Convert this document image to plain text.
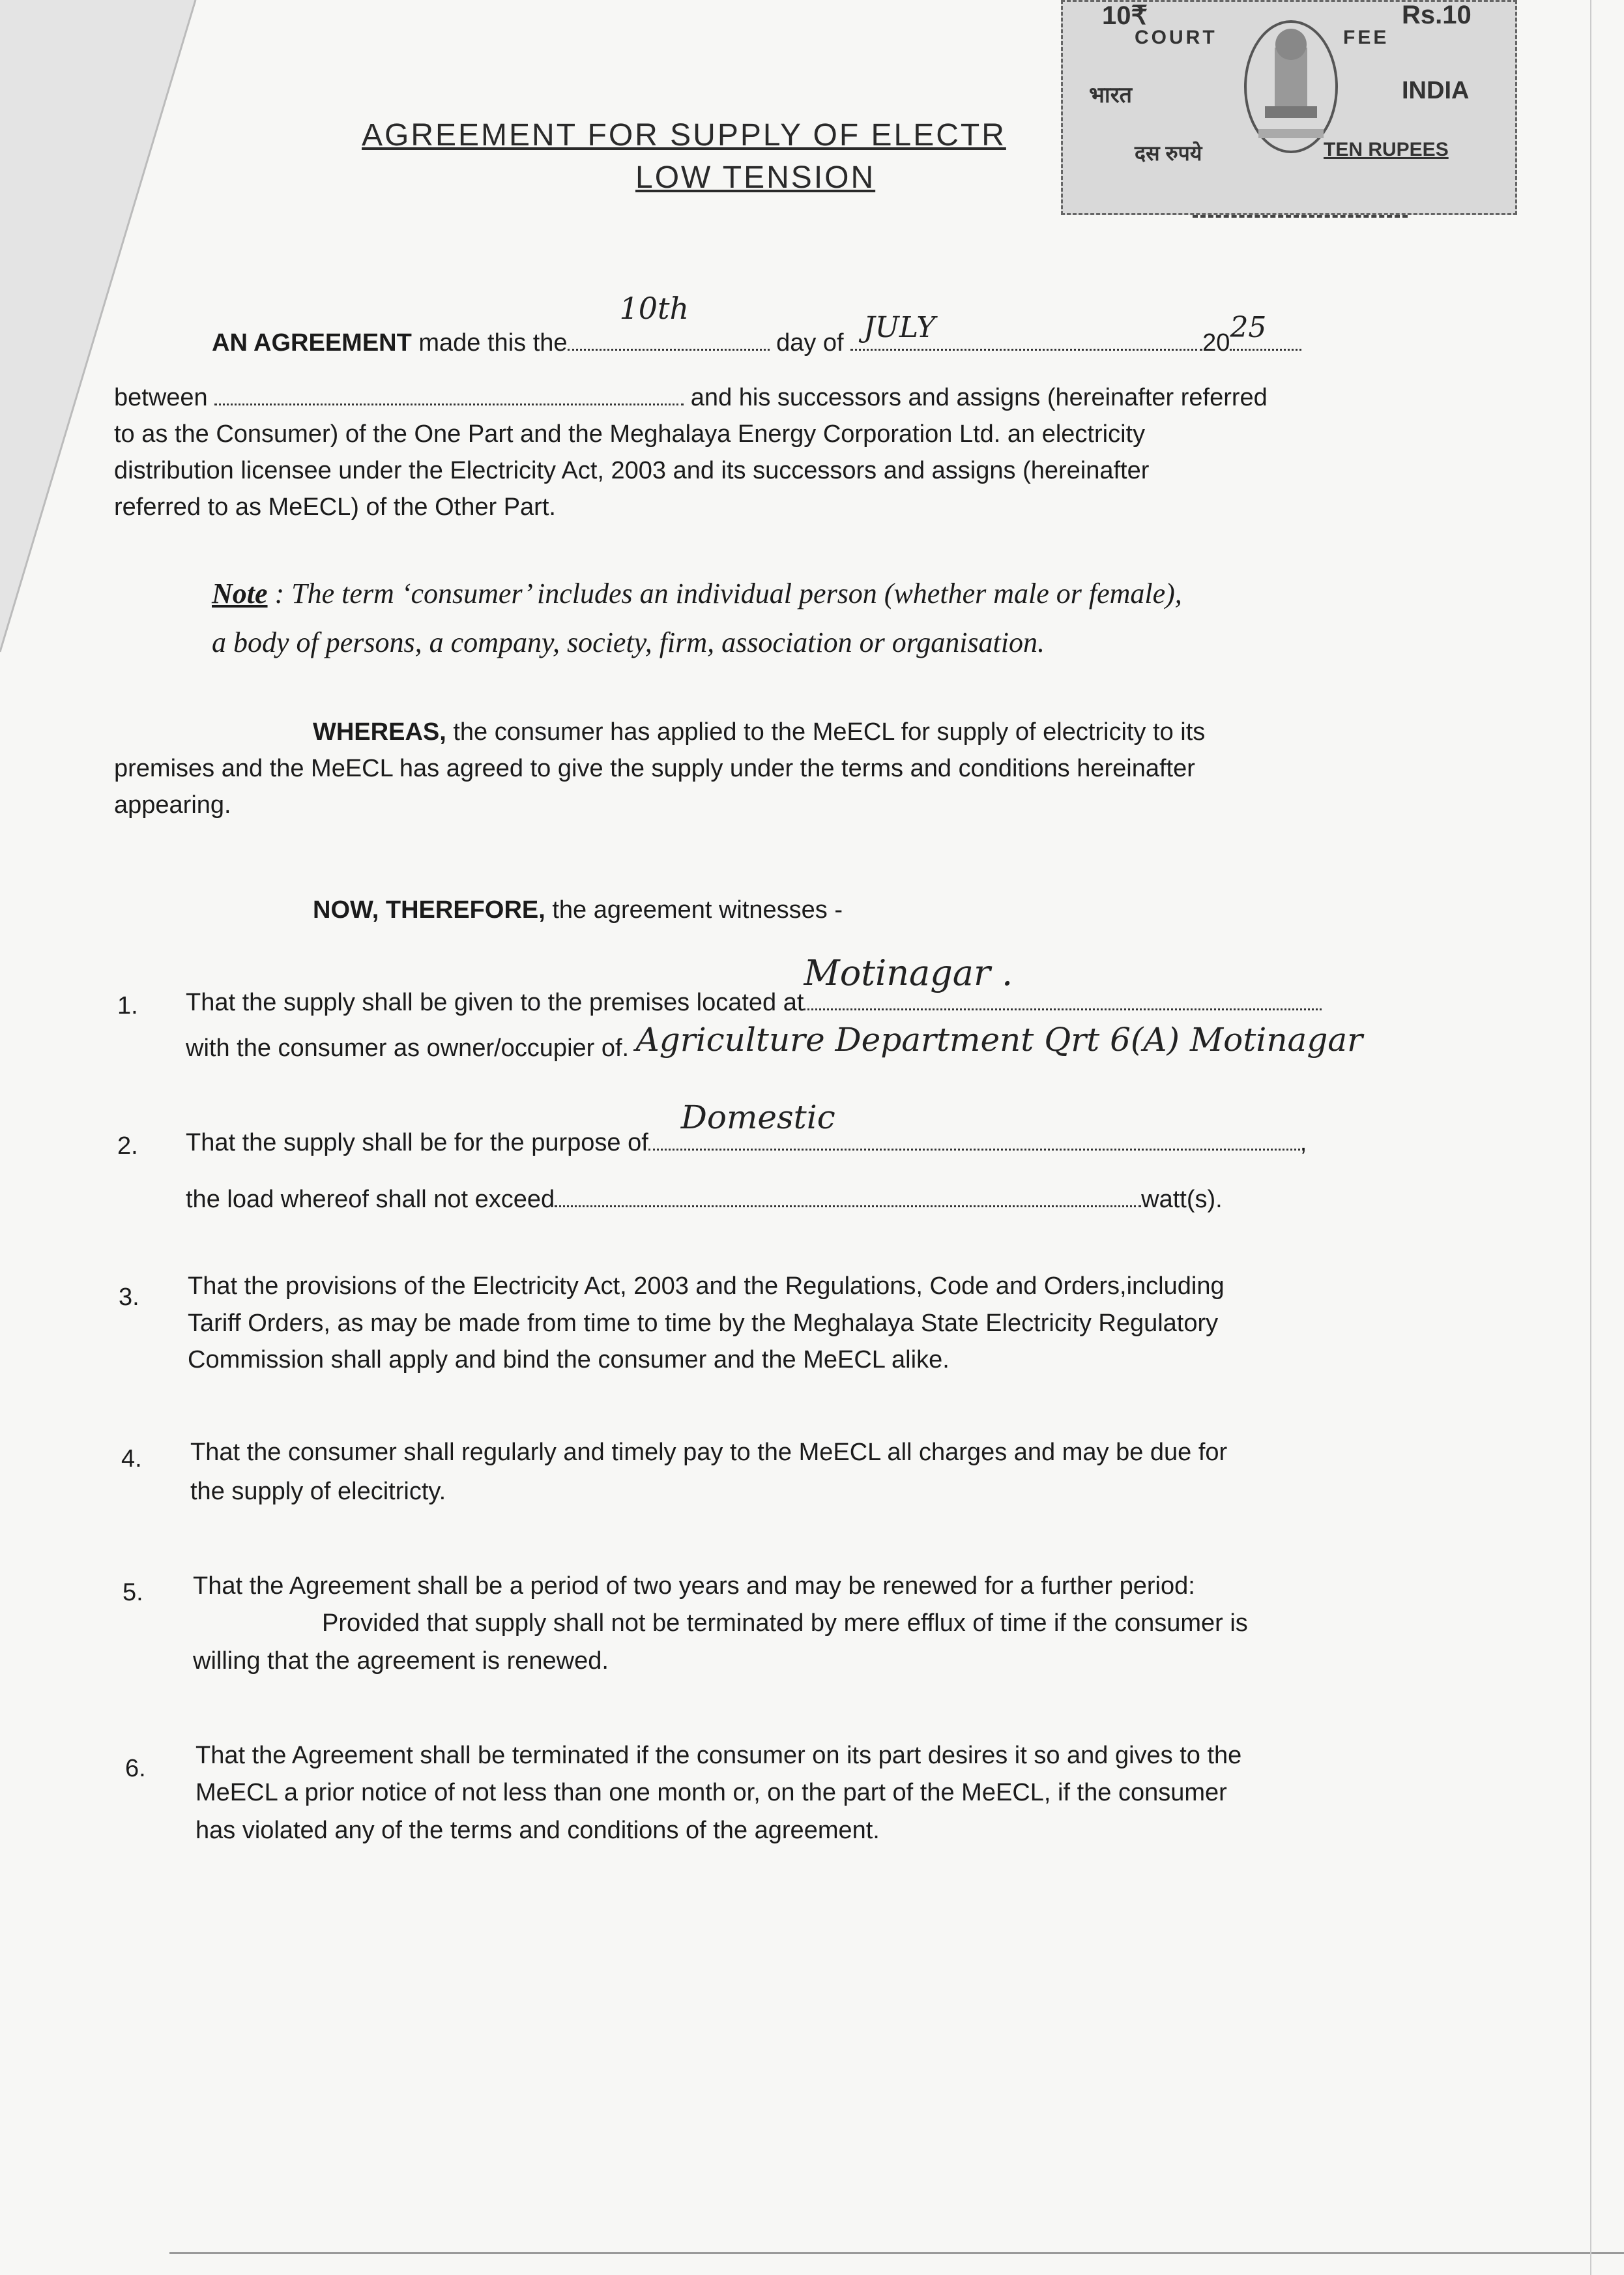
10₹	Rs.10
COURT	FEE
भारत	INDIA
दस रुपये	TEN RUPEES
AGREEMENT FOR SUPPLY OF ELECTR
LOW TENSION
AN AGREEMENT made this the
10th
day of JULY	20 25
between	and his successors and assigns (hereinafter referred
to as the Consumer) of the One Part and the Meghalaya Energy Corporation Ltd. an electricity
distribution licensee under the Electricity Act, 2003 and its successors and assigns (hereinafter
referred to as MeECL) of the Other Part.
Note : The term ‘consumer’ includes an individual person (whether male or female),
a body of persons, a company, society, firm, association or organisation.
WHEREAS, the consumer has applied to the MeECL for supply of electricity to its
premises and the MeECL has agreed to give the supply under the terms and conditions hereinafter
appearing.
NOW, THEREFORE, the agreement witnesses -
1.	That the supply shall be given to the premises located at
Motinagar .
with the consumer as owner/occupier of. Agriculture Department Qrt 6(A) Motinagar
2.	That the supply shall be for the purpose of
Domestic
,
the load whereof shall not exceed	watt(s).
3.	That the provisions of the Electricity Act, 2003 and the Regulations, Code and Orders,including
Tariff Orders, as may be made from time to time by the Meghalaya State Electricity Regulatory
Commission shall apply and bind the consumer and the MeECL alike.
4.	That the consumer shall regularly and timely pay to the MeECL all charges and may be due for
the supply of elecitricty.
5.	That the Agreement shall be a period of two years and may be renewed for a further period:
Provided that supply shall not be terminated by mere efflux of time if the consumer is
willing that the agreement is renewed.
6.	That the Agreement shall be terminated if the consumer on its part desires it so and gives to the
MeECL a prior notice of not less than one month or, on the part of the MeECL, if the consumer
has violated any of the terms and conditions of the agreement.
